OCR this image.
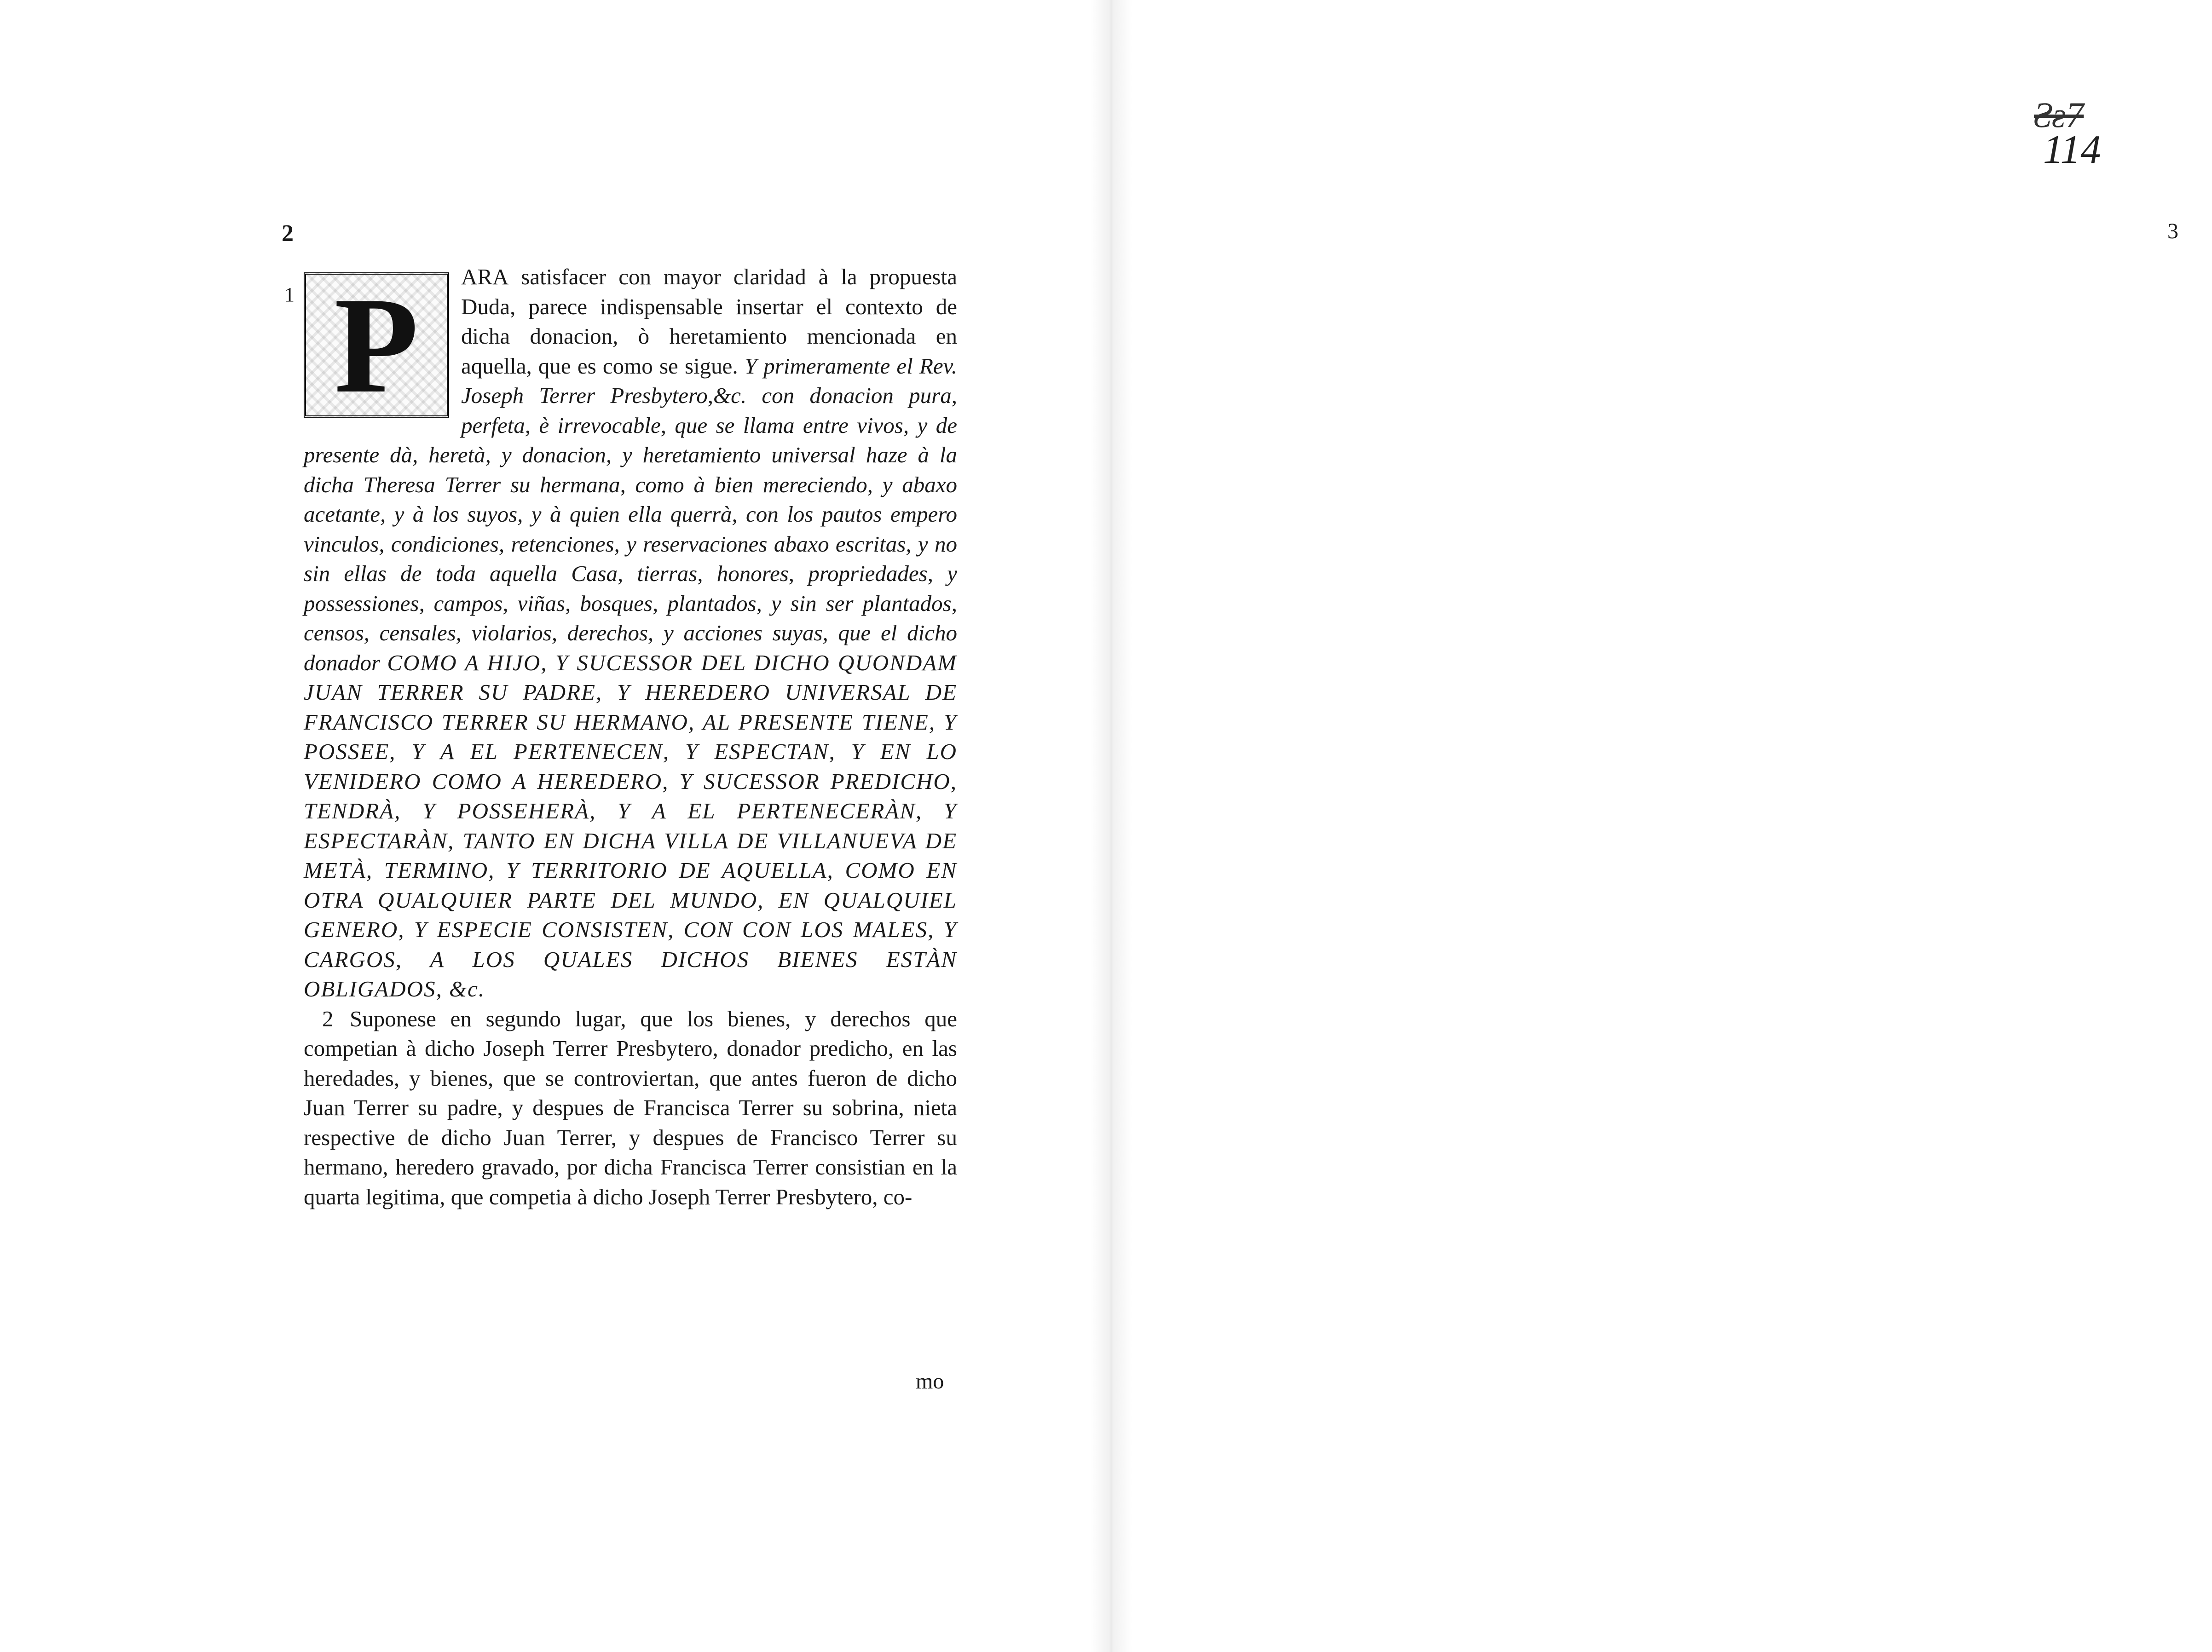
2
1 P	ARA satisfacer con mayor claridad à la propuesta Duda, parece indispensable insertar el contexto de dicha donacion, ò heretamiento mencionada en aquella, que es como se sigue. Y primeramente el Rev. Joseph Terrer Presbytero,&c. con donacion pura, perfeta, è irrevocable, que se llama entre vivos, y de presente dà, heretà, y donacion, y heretamiento universal haze à la dicha Theresa Terrer su hermana, como à bien mereciendo, y abaxo acetante, y à los suyos, y à quien ella querrà, con los pautos empero vinculos, condiciones, retenciones, y reservaciones abaxo escritas, y no sin ellas de toda aquella Casa, tierras, honores, propriedades, y possessiones, campos, viñas, bosques, plantados, y sin ser plantados, censos, censales, violarios, derechos, y acciones suyas, que el dicho donador COMO A HIJO, Y SUCESSOR DEL DICHO QUONDAM JUAN TERRER SU PADRE, Y HEREDERO UNIVERSAL DE FRANCISCO TERRER SU HERMANO, AL PRESENTE TIENE, Y POSSEE, Y A EL PERTENECEN, Y ESPECTAN, Y EN LO VENIDERO COMO A HEREDERO, Y SUCESSOR PREDICHO, TENDRÀ, Y POSSEHERÀ, Y A EL PERTENECERÀN, Y ESPECTARÀN, TANTO EN DICHA VILLA DE VILLANUEVA DE METÀ, TERMINO, Y TERRITORIO DE AQUELLA, COMO EN OTRA QUALQUIER PARTE DEL MUNDO, EN QUALQUIEL GENERO, Y ESPECIE CONSISTEN, CON CON LOS MALES, Y CARGOS, A LOS QUALES DICHOS BIENES ESTÀN OBLIGADOS, &c.

2 Suponese en segundo lugar, que los bienes, y derechos que competian à dicho Joseph Terrer Presbytero, donador predicho, en las heredades, y bienes, que se controviertan, que antes fueron de dicho Juan Terrer su padre, y despues de Francisca Terrer su sobrina, nieta respective de dicho Juan Terrer, y despues de Francisco Terrer su hermano, heredero gravado, por dicha Francisca Terrer consistian en la quarta legitima, que competia à dicho Joseph Terrer Presbytero, co-

mo
3

Ƨƨ7
114
